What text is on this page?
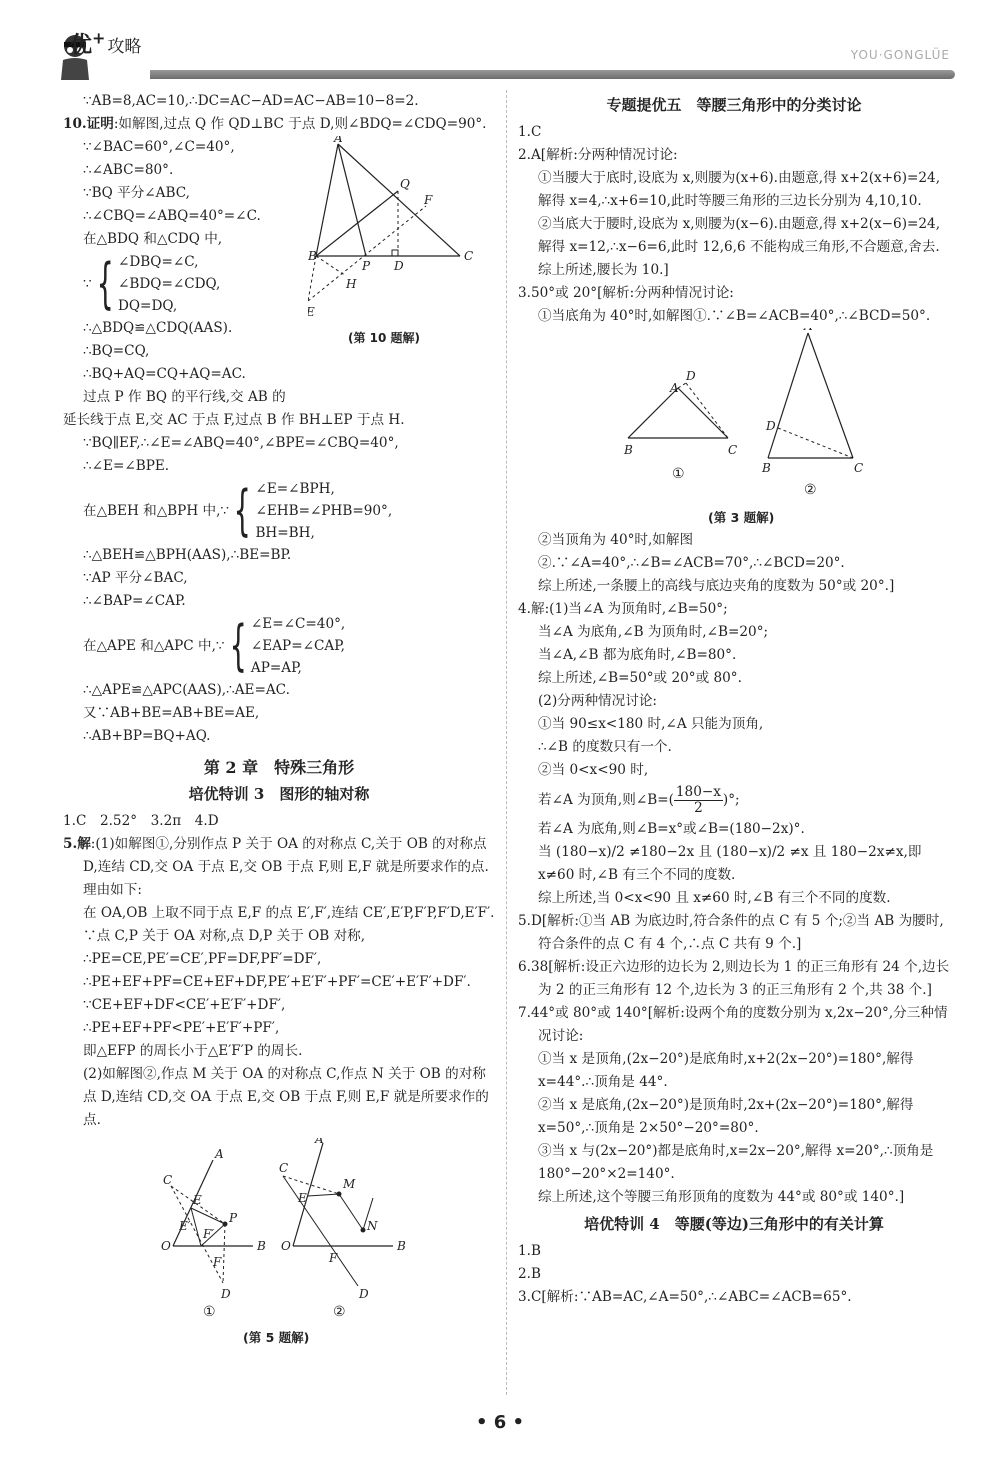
优+ 攻略	YOU·GONGLÜE

∵AB=8,AC=10,∴DC=AC−AD=AC−AB=10−8=2.

10.证明:如解图,过点 Q 作 QD⊥BC 于点 D,则∠BDQ=∠CDQ=90°.

∵∠BAC=60°,∠C=40°,

∴∠ABC=80°.

∵BQ 平分∠ABC,

∴∠CBQ=∠ABQ=40°=∠C.

在△BDQ 和△CDQ 中,

∵ { ∠DBQ=∠C,

∠BDQ=∠CDQ,

DQ=DQ,

∴△BDQ≌△CDQ(AAS).

∴BQ=CQ,

∴BQ+AQ=CQ+AQ=AC.

过点 P 作 BQ 的平行线,交 AB 的

A
B	C
Q
F
P D
H
(第 10 题解)

延长线于点 E,交 AC 于点 F,过点 B 作 BH⊥EP 于点 H.

∵BQ∥EF,∴∠E=∠ABQ=40°,∠BPE=∠CBQ=40°,

∴∠E=∠BPE.

在△BEH 和△BPH 中, ∵ { ∠E=∠BPH,

∠EHB=∠PHB=90°,

BH=BH,

∴△BEH≌△BPH(AAS),∴BE=BP.

∵AP 平分∠BAC,

∴∠BAP=∠CAP.

在△APE 和△APC 中, ∵ { ∠E=∠C=40°,

∠EAP=∠CAP,

AP=AP,

∴△APE≌△APC(AAS),∴AE=AC.

又∵AB+BE=AB+BE=AE,

∴AB+BP=BQ+AQ.

第 2 章　特殊三角形

培优特训 3　图形的轴对称

1.C　2.52°　3.2π　4.D

5.解:(1)如解图①,分别作点 P 关于 OA 的对称点 C,关于 OB 的对称点 D,连结 CD,交 OA 于点 E,交 OB 于点 F,则 E,F 就是所要求作的点.理由如下:

在 OA,OB 上取不同于点 E,F 的点 E′,F′,连结 CE′,E′P,F′P,F′D,E′F′.

∵点 C,P 关于 OA 对称,点 D,P 关于 OB 对称,

∴PE=CE,PE′=CE′,PF=DF,PF′=DF′,

∴PE+EF+PF=CE+EF+DF,PE′+E′F′+PF′=CE′+E′F′+DF′.

∵CE+EF+DF<CE′+E′F′+DF′,

∴PE+EF+PF<PE′+E′F′+PF′,

即△EFP 的周长小于△E′F′P 的周长.

(2)如解图②,作点 M 关于 OA 的对称点 C,作点 N 关于 OB 的对称点 D,连结 CD,交 OA 于点 E,交 OB 于点 F,则 E,F 就是所要求作的点.

O	B
A
C
E
E′
F′
F
D
P
①
O	B
A
C
E
M
N
F
D
②

(第 5 题解)

专题提优五　等腰三角形中的分类讨论

1.C

2.A[解析:分两种情况讨论:

①当腰大于底时,设底为 x,则腰为(x+6).由题意,得 x+2(x+6)=24,解得 x=4,∴x+6=10,此时等腰三角形的三边长分别为 4,10,10.

②当底大于腰时,设底为 x,则腰为(x−6).由题意,得 x+2(x−6)=24,解得 x=12,∴x−6=6,此时 12,6,6 不能构成三角形,不合题意,舍去.

综上所述,腰长为 10.]

3.50°或 20°[解析:分两种情况讨论:

①当底角为 40°时,如解图①.∵∠B=∠ACB=40°,∴∠BCD=50°.

B	C
A
D
①	B	C
D
②

(第 3 题解)

②当顶角为 40°时,如解图②.∵∠A=40°,∴∠B=∠ACB=70°,∴∠BCD=20°.

综上所述,一条腰上的高线与底边夹角的度数为 50°或 20°.]

4.解:(1)当∠A 为顶角时,∠B=50°;

当∠A 为底角,∠B 为顶角时,∠B=20°;

当∠A,∠B 都为底角时,∠B=80°.

综上所述,∠B=50°或 20°或 80°.

(2)分两种情况讨论:

①当 90≤x<180 时,∠A 只能为顶角,

∴∠B 的度数只有一个.

②当 0<x<90 时,

若∠A 为顶角,则∠B=( $\frac{180-x}{2}$ )°;

若∠A 为底角,则∠B=x°或∠B=(180−2x)°.

当 (180−x)/2 ≠180−2x 且 (180−x)/2 ≠x 且 180−2x≠x,即 x≠60 时,∠B 有三个不同的度数.

综上所述,当 0<x<90 且 x≠60 时,∠B 有三个不同的度数.

5.D[解析:①当 AB 为底边时,符合条件的点 C 有 5 个;②当 AB 为腰时,符合条件的点 C 有 4 个,∴点 C 共有 9 个.]

6.38[解析:设正六边形的边长为 2,则边长为 1 的正三角形有 24 个,边长为 2 的正三角形有 12 个,边长为 3 的正三角形有 2 个,共 38 个.]

7.44°或 80°或 140°[解析:设两个角的度数分别为 x,2x−20°,分三种情况讨论:

①当 x 是顶角,(2x−20°)是底角时,x+2(2x−20°)=180°,解得 x=44°.∴顶角是 44°.

②当 x 是底角,(2x−20°)是顶角时,2x+(2x−20°)=180°,解得 x=50°,∴顶角是 2×50°−20°=80°.

③当 x 与(2x−20°)都是底角时,x=2x−20°,解得 x=20°,∴顶角是 180°−20°×2=140°.

综上所述,这个等腰三角形顶角的度数为 44°或 80°或 140°.]

培优特训 4　等腰(等边)三角形中的有关计算

1.B

2.B

3.C[解析:∵AB=AC,∠A=50°,∴∠ABC=∠ACB=65°.

• 6 •
